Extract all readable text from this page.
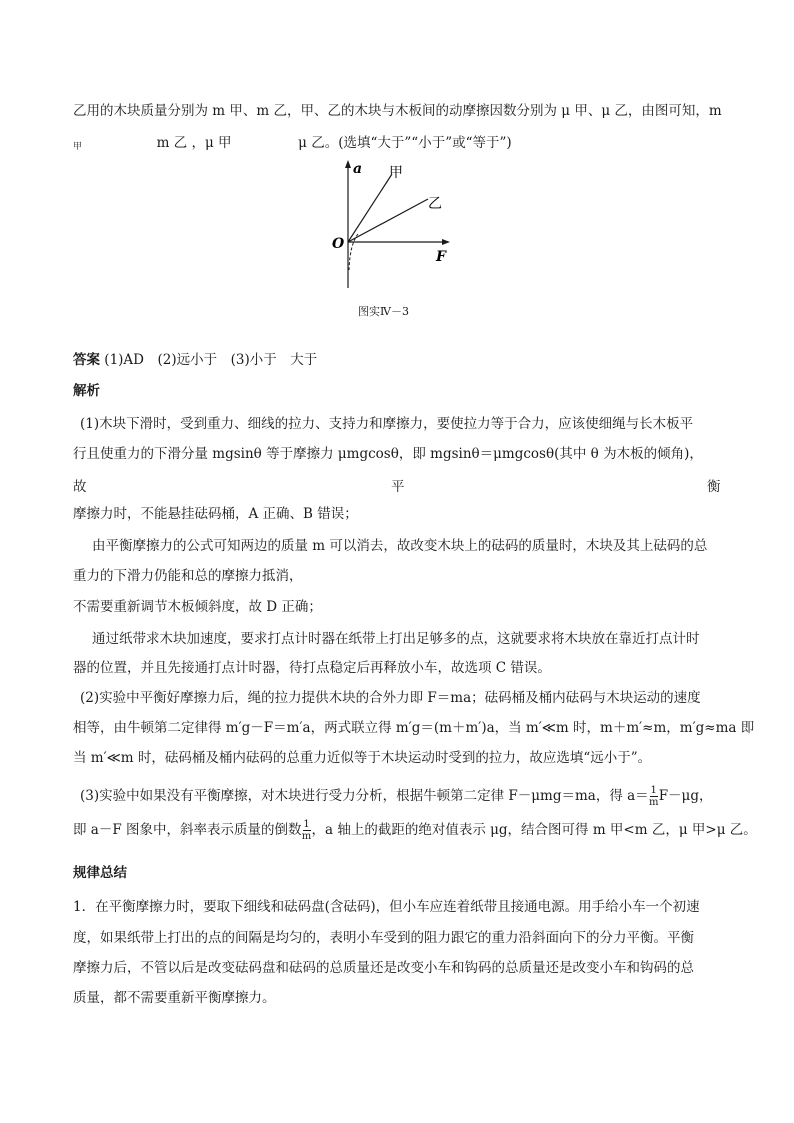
乙用的木块质量分别为 m 甲、m 乙，甲、乙的木块与木板间的动摩擦因数分别为 μ 甲、μ 乙，由图可知，m
甲	m 乙 ，μ 甲	μ 乙。(选填“大于”“小于”或“等于”)
a
F
O
甲
乙
图实Ⅳ－3
答案 (1)AD　(2)远小于　(3)小于　大于
解析
(1)木块下滑时，受到重力、细线的拉力、支持力和摩擦力，要使拉力等于合力，应该使细绳与长木板平
行且使重力的下滑分量 mgsinθ 等于摩擦力 μmgcosθ，即 mgsinθ＝μmgcosθ(其中 θ 为木板的倾角)，
故	平	衡
摩擦力时，不能悬挂砝码桶，A 正确、B 错误；
由平衡摩擦力的公式可知两边的质量 m 可以消去，故改变木块上的砝码的质量时，木块及其上砝码的总
重力的下滑力仍能和总的摩擦力抵消，
不需要重新调节木板倾斜度，故 D 正确；
通过纸带求木块加速度，要求打点计时器在纸带上打出足够多的点，这就要求将木块放在靠近打点计时
器的位置，并且先接通打点计时器，待打点稳定后再释放小车，故选项 C 错误。
(2)实验中平衡好摩擦力后，绳的拉力提供木块的合外力即 F＝ma；砝码桶及桶内砝码与木块运动的速度
相等，由牛顿第二定律得 m′g－F＝m′a，两式联立得 m′g＝(m＋m′)a，当 m′≪m 时，m＋m′≈m，m′g≈ma 即
当 m′≪m 时，砝码桶及桶内砝码的总重力近似等于木块运动时受到的拉力，故应选填“远小于”。
(3)实验中如果没有平衡摩擦，对木块进行受力分析，根据牛顿第二定律 F－μmg＝ma，得 $a= \frac{1}{m} F-\mu g$，
即 a－F 图象中，斜率表示质量的倒数 $\frac{1}{m}$ ，a 轴上的截距的绝对值表示 μg，结合图可得 m 甲<m 乙，μ 甲>μ 乙。
规律总结
1．在平衡摩擦力时，要取下细线和砝码盘(含砝码)，但小车应连着纸带且接通电源。用手给小车一个初速
度，如果纸带上打出的点的间隔是均匀的，表明小车受到的阻力跟它的重力沿斜面向下的分力平衡。平衡
摩擦力后，不管以后是改变砝码盘和砝码的总质量还是改变小车和钩码的总质量还是改变小车和钩码的总
质量，都不需要重新平衡摩擦力。
